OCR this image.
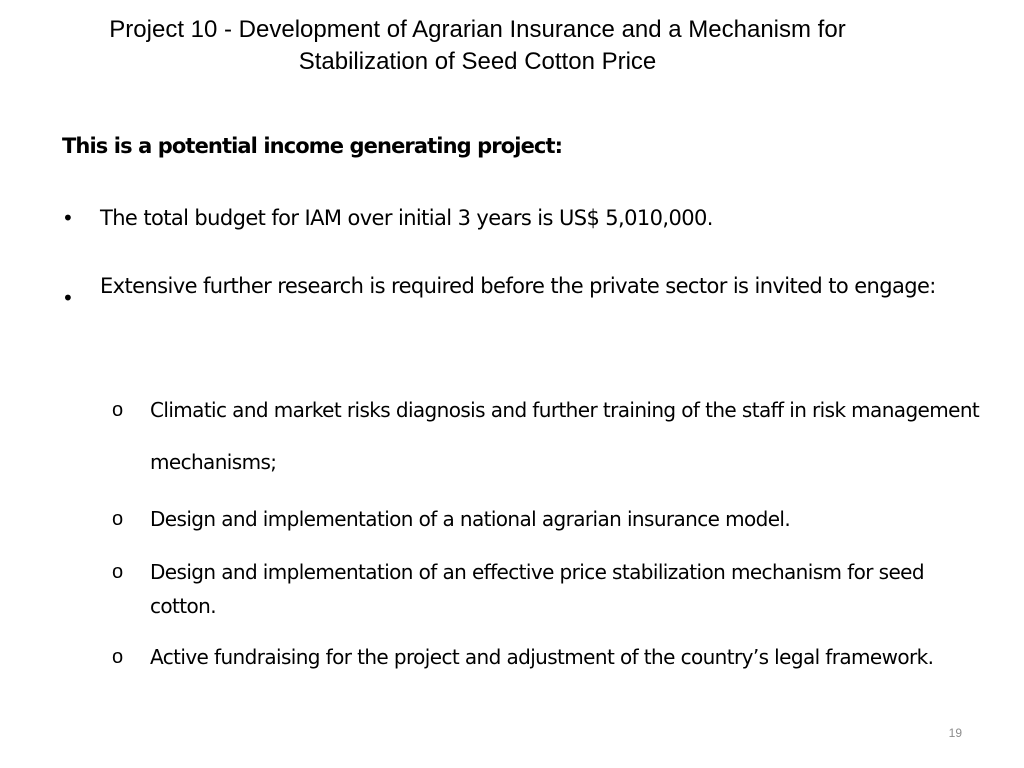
Project 10 - Development of Agrarian Insurance and a Mechanism for
Stabilization of Seed Cotton Price
This is a potential income generating project:
•	The total budget for IAM over initial 3 years is US$ 5,010,000.
•	Extensive further research is required before the private sector is invited to engage:
o	Climatic and market risks diagnosis and further training of the staff in risk management mechanisms;
o	Design and implementation of a national agrarian insurance model.
o	Design and implementation of an effective price stabilization mechanism for seed cotton.
o	Active fundraising for the project and adjustment of the country’s legal framework.
19
